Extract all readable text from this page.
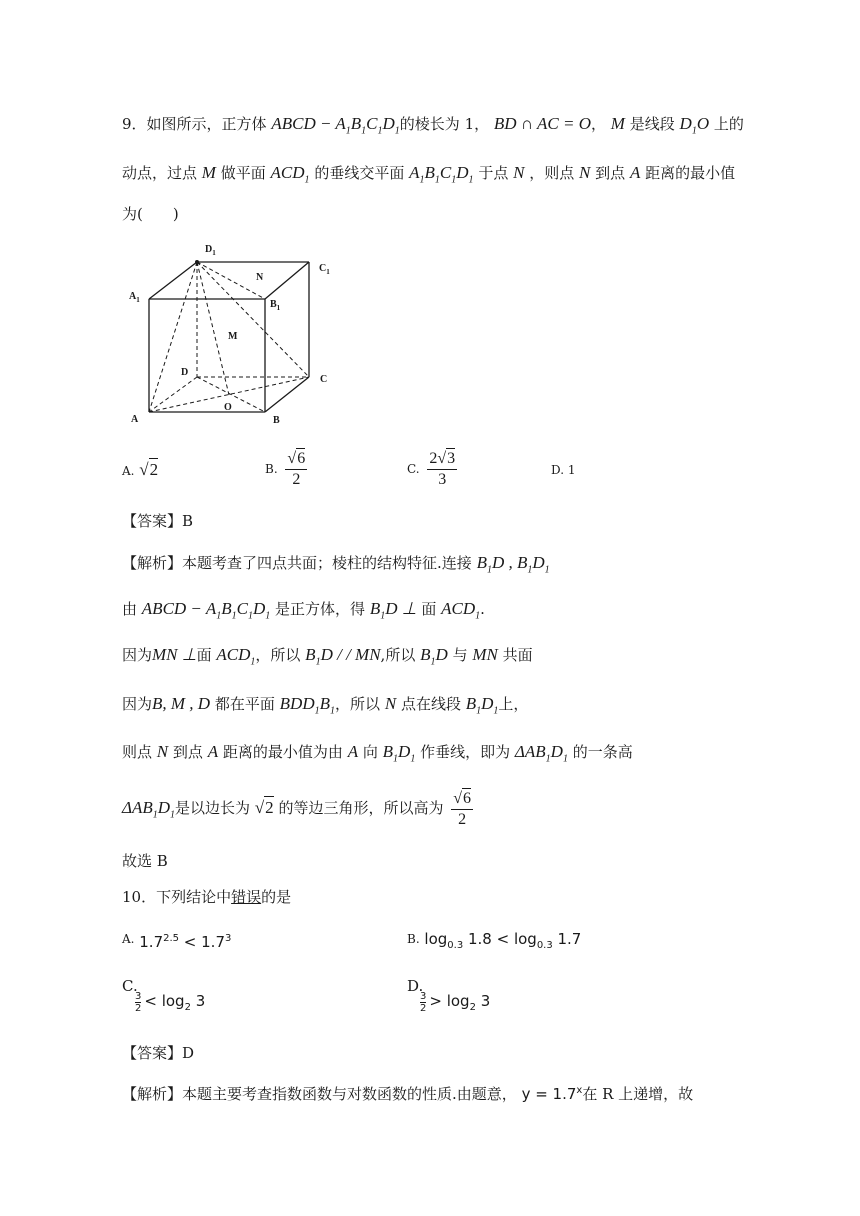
9．如图所示，正方体 ABCD − $A_1B_1C_1D_1$的棱长为 1， BD ∩ AC = O， M 是线段 $D_1O$ 上的
动点，过点 M 做平面 $ACD_1$ 的垂线交平面 $A_1B_1C_1D_1$ 于点 N ，则点 N 到点 A 距离的最小值
为(　　)
$D_1$
$C_1$
$A_1$	$B_1$
N
M
D
C
O
A	B
A. √2	B. $\frac{√6}{2}$	C. $\frac{2√3}{3}$	D. 1
【答案】B
【解析】本题考查了四点共面；棱柱的结构特征.连接 $B_1D$ , $B_1D_1$
由 ABCD − $A_1B_1C_1D_1$ 是正方体，得 $B_1D$ ⊥ 面 $ACD_1$.
因为MN ⊥面 $ACD_1$，所以 $B_1D$ / / MN,所以 $B_1D$ 与 MN 共面
因为B, M , D 都在平面 $BDD_1B_1$，所以 N 点在线段 $B_1D_1$上，
则点 N 到点 A 距离的最小值为由 A 向 $B_1D_1$ 作垂线，即为 $\Delta AB_1D_1$ 的一条高
$\Delta AB_1D_1$是以边长为 √2 的等边三角形，所以高为 $\frac{√6}{2}$
故选 B
10．下列结论中错误的是
$^{A.}$ $1.7^{2.5} < 1.7^3$	$^{B.}$ $\log_{0.3} 1.8 < \log_{0.3} 1.7$
C.
$\frac{3}{2} < \log_2 3$
D.
$\frac{3}{2} > \log_2 3$
【答案】D
【解析】本题主要考查指数函数与对数函数的性质.由题意， $y = 1.7^x$在 R 上递增，故
